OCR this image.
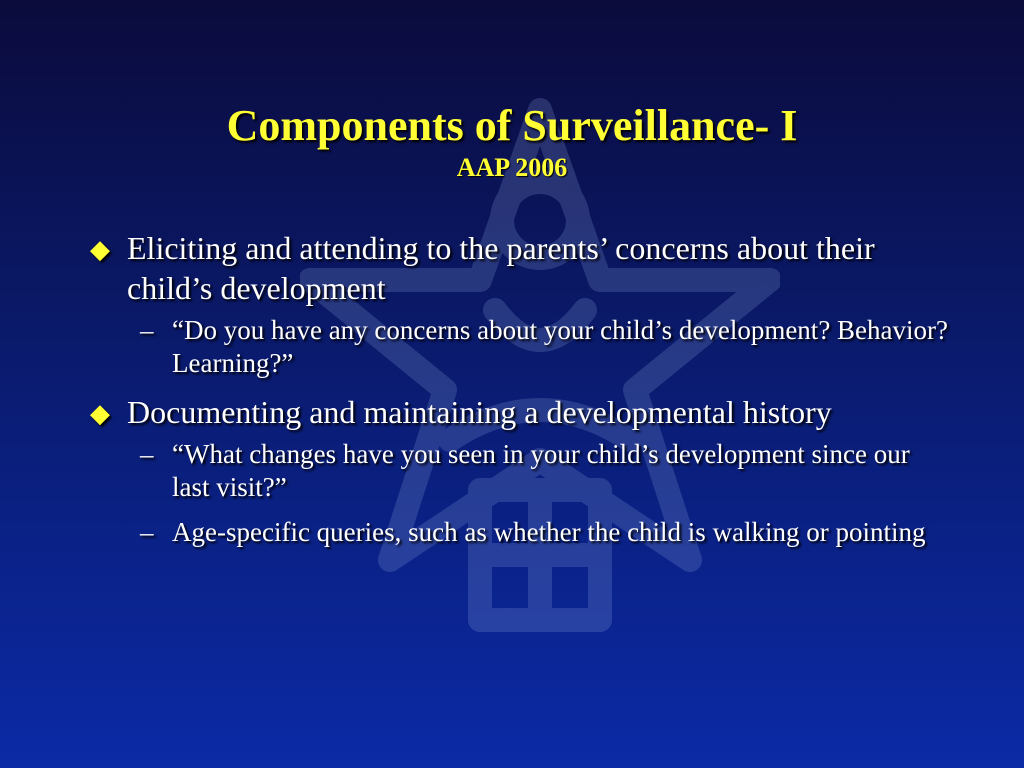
Components of Surveillance- I
AAP 2006
◆ Eliciting and attending to the parents’ concerns about their child’s development
– “Do you have any concerns about your child’s development? Behavior? Learning?”
◆ Documenting and maintaining a developmental history
– “What changes have you seen in your child’s development since our last visit?”
– Age-specific queries, such as whether the child is walking or pointing
